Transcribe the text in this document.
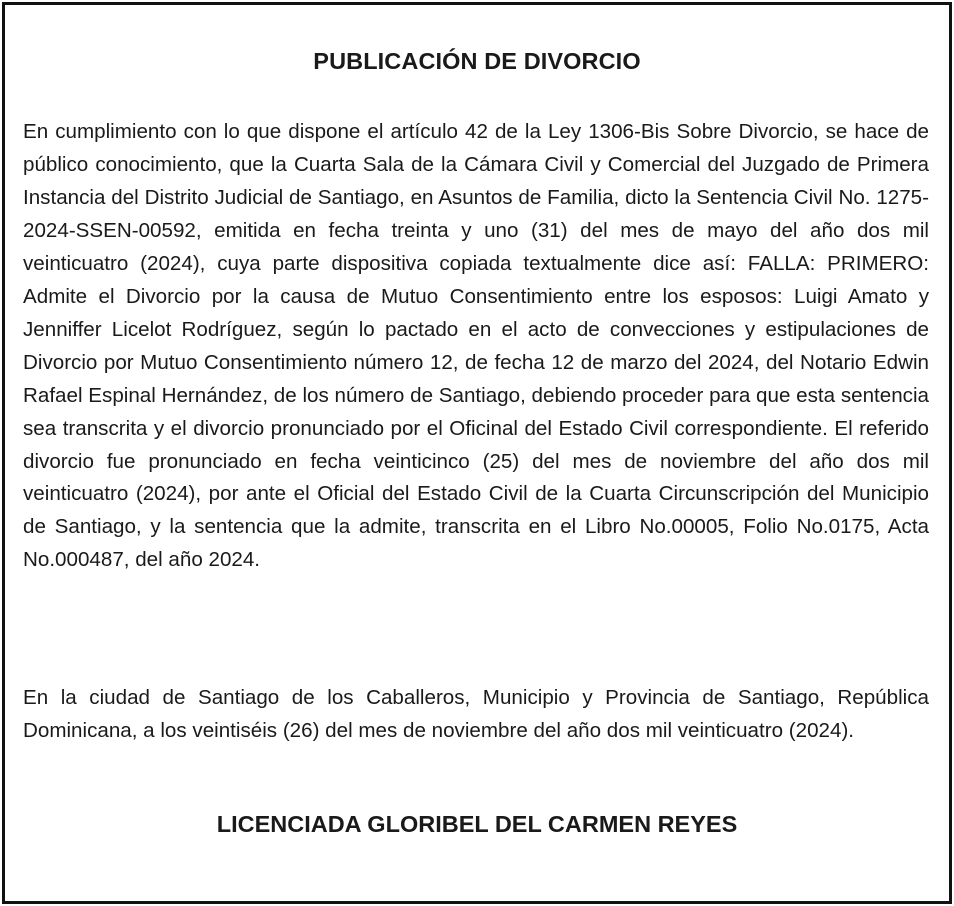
PUBLICACIÓN DE DIVORCIO
En cumplimiento con lo que dispone el artículo 42 de la Ley 1306-Bis Sobre Divorcio, se hace de público conocimiento, que la Cuarta Sala de la Cámara Civil y Comercial del Juzgado de Primera Instancia del Distrito Judicial de Santiago, en Asuntos de Familia, dicto la Sentencia Civil No. 1275-2024-SSEN-00592, emitida en fecha treinta y uno (31) del mes de mayo del año dos mil veinticuatro (2024), cuya parte dispositiva copiada textualmente dice así: FALLA: PRIMERO: Admite el Divorcio por la causa de Mutuo Consentimiento entre los esposos: Luigi Amato y Jenniffer Licelot Rodríguez, según lo pactado en el acto de convecciones y estipulaciones de Divorcio por Mutuo Consentimiento número 12, de fecha 12 de marzo del 2024, del Notario Edwin Rafael Espinal Hernández, de los número de Santiago, debiendo proceder para que esta sentencia sea transcrita y el divorcio pronunciado por el Oficinal del Estado Civil correspondiente. El referido divorcio fue pronunciado en fecha veinticinco (25) del mes de noviembre del año dos mil veinticuatro (2024), por ante el Oficial del Estado Civil de la Cuarta Circunscripción del Municipio de Santiago, y la sentencia que la admite, transcrita en el Libro No.00005, Folio No.0175, Acta No.000487, del año 2024.
En la ciudad de Santiago de los Caballeros, Municipio y Provincia de Santiago, República Dominicana, a los veintiséis (26) del mes de noviembre del año dos mil veinticuatro (2024).
LICENCIADA GLORIBEL DEL CARMEN REYES
